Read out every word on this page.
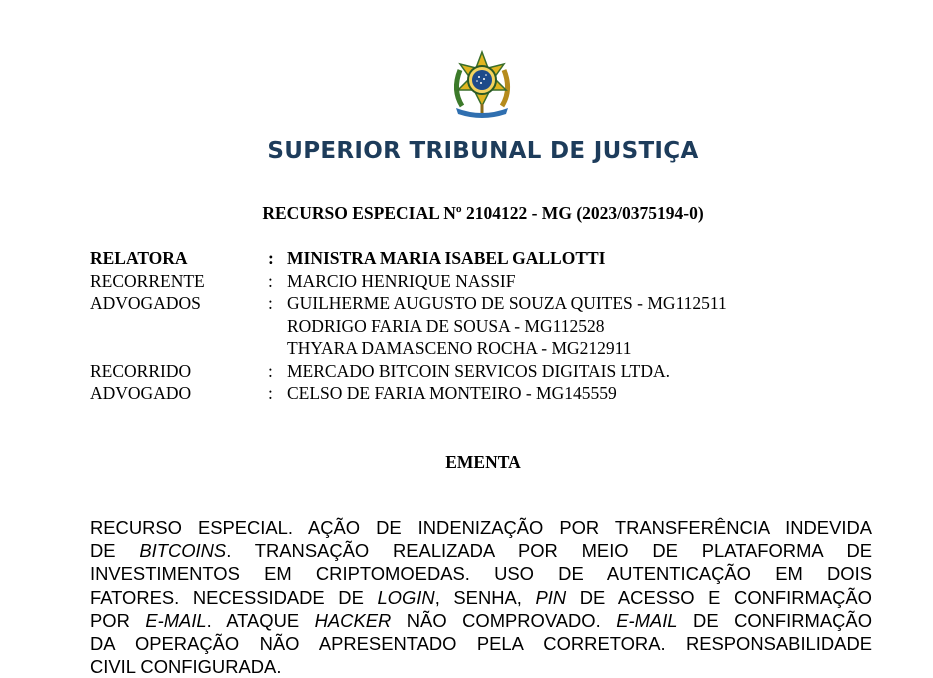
SUPERIOR TRIBUNAL DE JUSTIÇA
RECURSO ESPECIAL Nº 2104122 - MG (2023/0375194-0)
RELATORA	:	MINISTRA MARIA ISABEL GALLOTTI
RECORRENTE	:	MARCIO HENRIQUE NASSIF
ADVOGADOS	:	GUILHERME AUGUSTO DE SOUZA QUITES - MG112511
		RODRIGO FARIA DE SOUSA - MG112528
		THYARA DAMASCENO ROCHA - MG212911
RECORRIDO	:	MERCADO BITCOIN SERVICOS DIGITAIS LTDA.
ADVOGADO	:	CELSO DE FARIA MONTEIRO - MG145559
EMENTA
RECURSO ESPECIAL. AÇÃO DE INDENIZAÇÃO POR TRANSFERÊNCIA INDEVIDA
DE BITCOINS. TRANSAÇÃO REALIZADA POR MEIO DE PLATAFORMA DE
INVESTIMENTOS EM CRIPTOMOEDAS. USO DE AUTENTICAÇÃO EM DOIS
FATORES. NECESSIDADE DE LOGIN, SENHA, PIN DE ACESSO E CONFIRMAÇÃO
POR E-MAIL. ATAQUE HACKER NÃO COMPROVADO. E-MAIL DE CONFIRMAÇÃO
DA OPERAÇÃO NÃO APRESENTADO PELA CORRETORA. RESPONSABILIDADE
CIVIL CONFIGURADA.
